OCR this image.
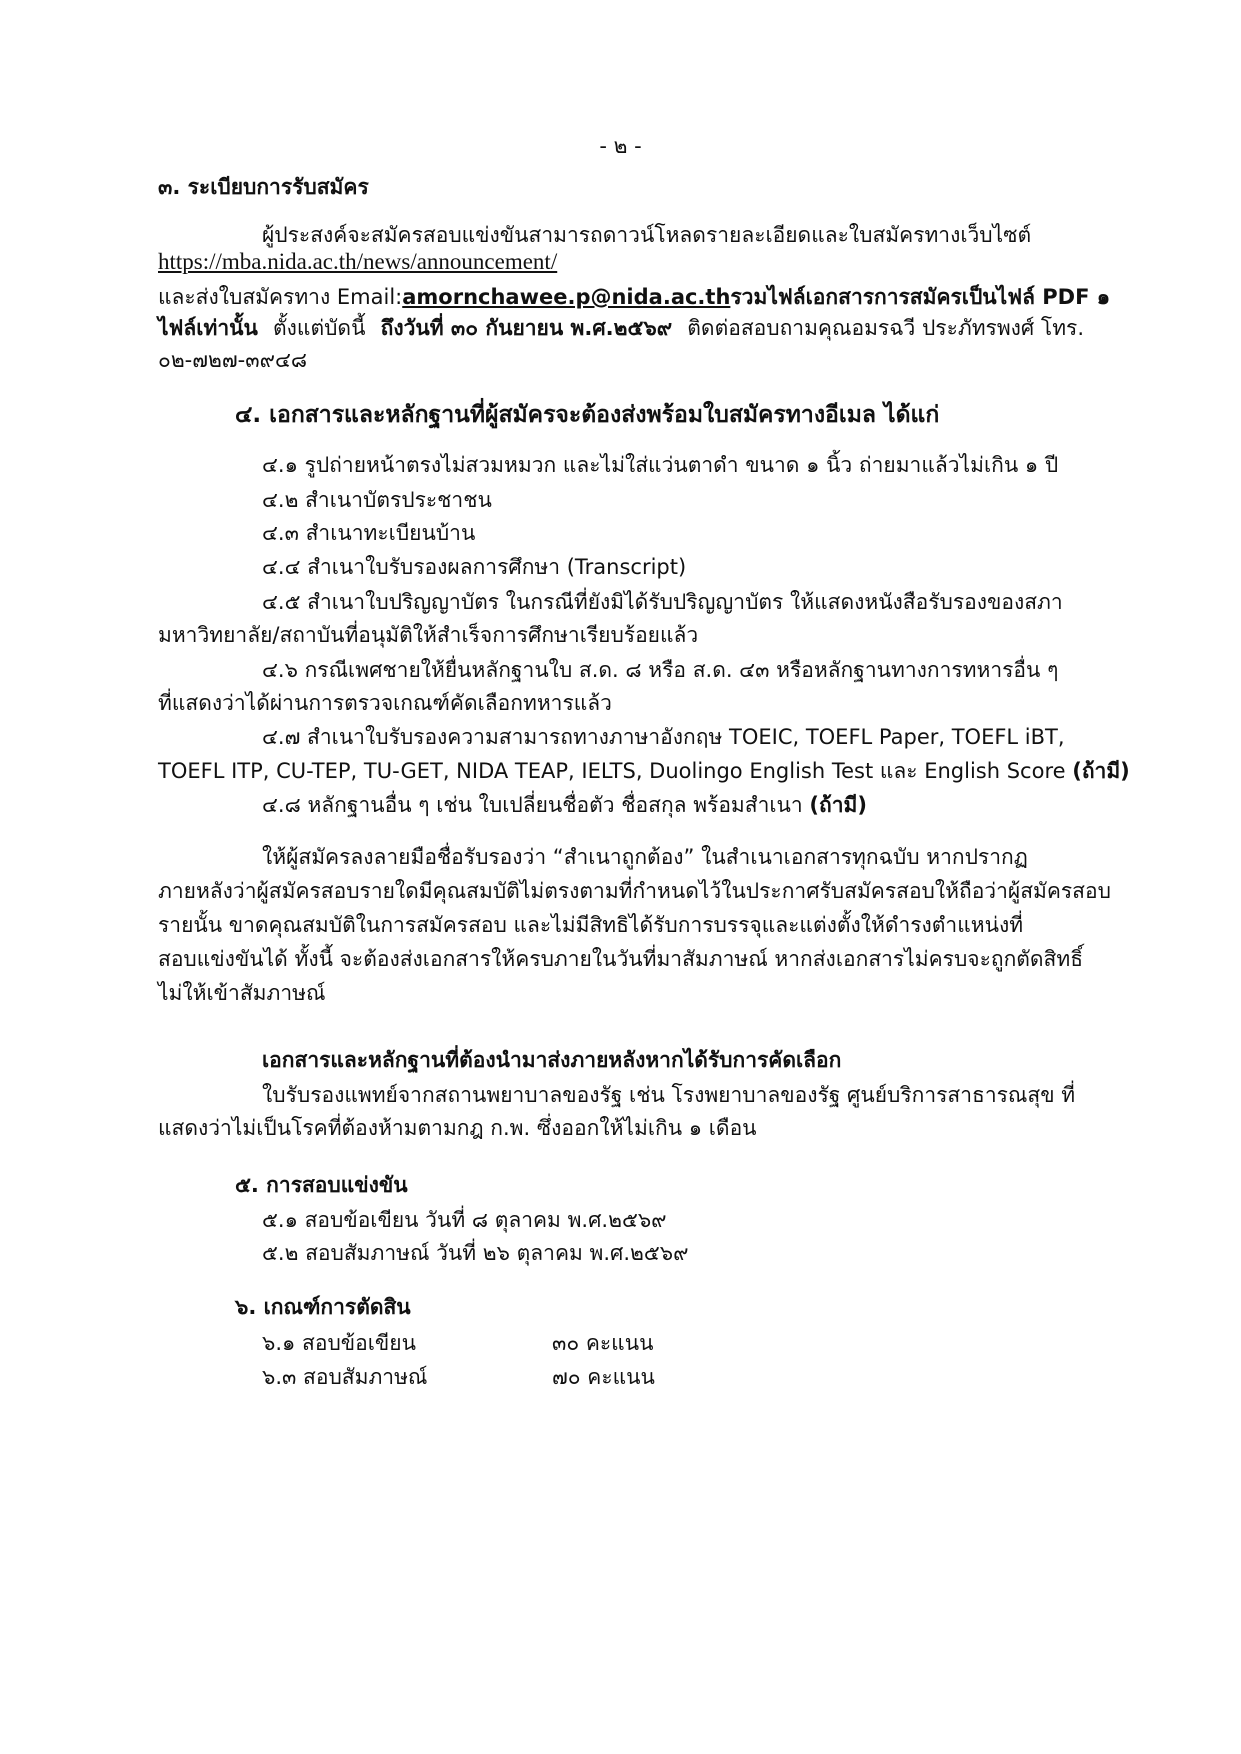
- ๒ -
๓. ระเบียบการรับสมัคร
ผู้ประสงค์จะสมัครสอบแข่งขันสามารถดาวน์โหลดรายละเอียดและใบสมัครทางเว็บไซต์
https://mba.nida.ac.th/news/announcement/
และส่งใบสมัครทาง Email: amornchawee.p@nida.ac.th รวมไฟล์เอกสารการสมัครเป็นไฟล์ PDF ๑
ไฟล์เท่านั้น ตั้งแต่บัดนี้ ถึงวันที่ ๓๐ กันยายน พ.ศ.๒๕๖๙ ติดต่อสอบถามคุณอมรฉวี ประภัทรพงศ์ โทร.
๐๒-๗๒๗-๓๙๔๘
๔. เอกสารและหลักฐานที่ผู้สมัครจะต้องส่งพร้อมใบสมัครทางอีเมล ได้แก่
๔.๑ รูปถ่ายหน้าตรงไม่สวมหมวก และไม่ใส่แว่นตาดำ ขนาด ๑ นิ้ว ถ่ายมาแล้วไม่เกิน ๑ ปี
๔.๒ สำเนาบัตรประชาชน
๔.๓ สำเนาทะเบียนบ้าน
๔.๔ สำเนาใบรับรองผลการศึกษา (Transcript)
๔.๕ สำเนาใบปริญญาบัตร ในกรณีที่ยังมิได้รับปริญญาบัตร ให้แสดงหนังสือรับรองของสภา
มหาวิทยาลัย/สถาบันที่อนุมัติให้สำเร็จการศึกษาเรียบร้อยแล้ว
๔.๖ กรณีเพศชายให้ยื่นหลักฐานใบ ส.ด. ๘ หรือ ส.ด. ๔๓ หรือหลักฐานทางการทหารอื่น ๆ
ที่แสดงว่าได้ผ่านการตรวจเกณฑ์คัดเลือกทหารแล้ว
๔.๗ สำเนาใบรับรองความสามารถทางภาษาอังกฤษ TOEIC, TOEFL Paper, TOEFL iBT,
TOEFL ITP, CU-TEP, TU-GET, NIDA TEAP, IELTS, Duolingo English Test และ English Score (ถ้ามี)
๔.๘ หลักฐานอื่น ๆ เช่น ใบเปลี่ยนชื่อตัว ชื่อสกุล พร้อมสำเนา (ถ้ามี)
ให้ผู้สมัครลงลายมือชื่อรับรองว่า “สำเนาถูกต้อง” ในสำเนาเอกสารทุกฉบับ หากปรากฏ
ภายหลังว่าผู้สมัครสอบรายใดมีคุณสมบัติไม่ตรงตามที่กำหนดไว้ในประกาศรับสมัครสอบให้ถือว่าผู้สมัครสอบ
รายนั้น ขาดคุณสมบัติในการสมัครสอบ และไม่มีสิทธิได้รับการบรรจุและแต่งตั้งให้ดำรงตำแหน่งที่
สอบแข่งขันได้ ทั้งนี้ จะต้องส่งเอกสารให้ครบภายในวันที่มาสัมภาษณ์ หากส่งเอกสารไม่ครบจะถูกตัดสิทธิ์
ไม่ให้เข้าสัมภาษณ์
เอกสารและหลักฐานที่ต้องนำมาส่งภายหลังหากได้รับการคัดเลือก
ใบรับรองแพทย์จากสถานพยาบาลของรัฐ เช่น โรงพยาบาลของรัฐ ศูนย์บริการสาธารณสุข ที่
แสดงว่าไม่เป็นโรคที่ต้องห้ามตามกฎ ก.พ. ซึ่งออกให้ไม่เกิน ๑ เดือน
๕. การสอบแข่งขัน
๕.๑ สอบข้อเขียน วันที่ ๘ ตุลาคม พ.ศ.๒๕๖๙
๕.๒ สอบสัมภาษณ์ วันที่ ๒๖ ตุลาคม พ.ศ.๒๕๖๙
๖. เกณฑ์การตัดสิน
๖.๑ สอบข้อเขียน	๓๐ คะแนน
๖.๓ สอบสัมภาษณ์	๗๐ คะแนน
